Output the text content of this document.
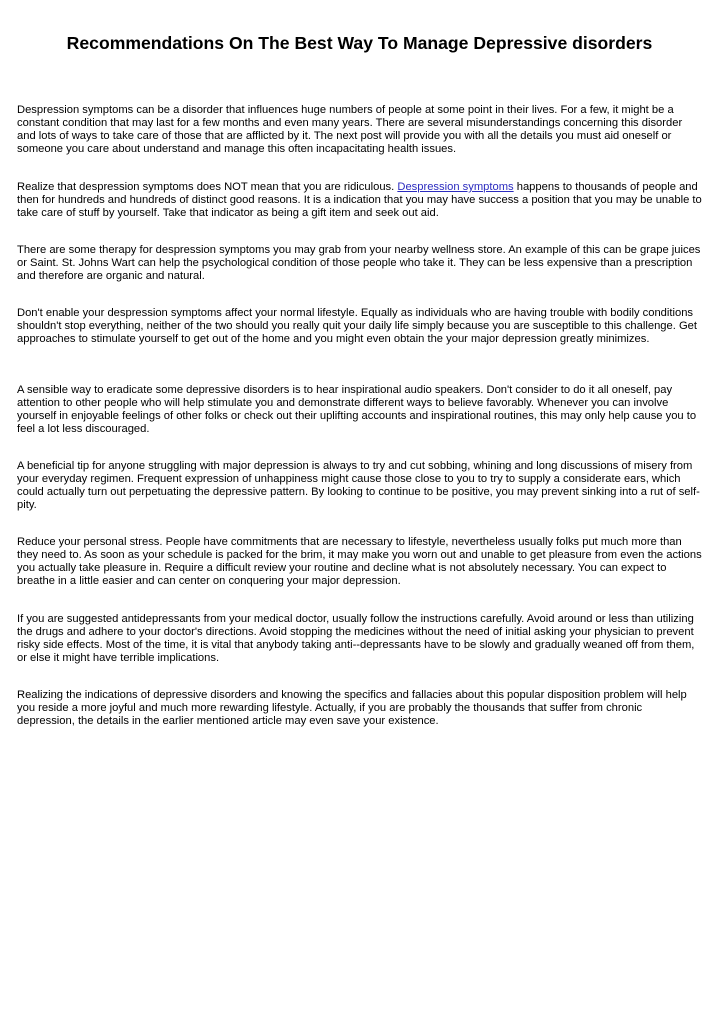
Recommendations On The Best Way To Manage Depressive disorders

Despression symptoms can be a disorder that influences huge numbers of people at some point in their lives. For a few, it might be a constant condition that may last for a few months and even many years. There are several misunderstandings concerning this disorder and lots of ways to take care of those that are afflicted by it. The next post will provide you with all the details you must aid oneself or someone you care about understand and manage this often incapacitating health issues.

Realize that despression symptoms does NOT mean that you are ridiculous. Despression symptoms happens to thousands of people and then for hundreds and hundreds of distinct good reasons. It is a indication that you may have success a position that you may be unable to take care of stuff by yourself. Take that indicator as being a gift item and seek out aid.

There are some therapy for despression symptoms you may grab from your nearby wellness store. An example of this can be grape juices or Saint. St. Johns Wart can help the psychological condition of those people who take it. They can be less expensive than a prescription and therefore are organic and natural.

Don't enable your despression symptoms affect your normal lifestyle. Equally as individuals who are having trouble with bodily conditions shouldn't stop everything, neither of the two should you really quit your daily life simply because you are susceptible to this challenge. Get approaches to stimulate yourself to get out of the home and you might even obtain the your major depression greatly minimizes.

A sensible way to eradicate some depressive disorders is to hear inspirational audio speakers. Don't consider to do it all oneself, pay attention to other people who will help stimulate you and demonstrate different ways to believe favorably. Whenever you can involve yourself in enjoyable feelings of other folks or check out their uplifting accounts and inspirational routines, this may only help cause you to feel a lot less discouraged.

A beneficial tip for anyone struggling with major depression is always to try and cut sobbing, whining and long discussions of misery from your everyday regimen. Frequent expression of unhappiness might cause those close to you to try to supply a considerate ears, which could actually turn out perpetuating the depressive pattern. By looking to continue to be positive, you may prevent sinking into a rut of self-pity.

Reduce your personal stress. People have commitments that are necessary to lifestyle, nevertheless usually folks put much more than they need to. As soon as your schedule is packed for the brim, it may make you worn out and unable to get pleasure from even the actions you actually take pleasure in. Require a difficult review your routine and decline what is not absolutely necessary. You can expect to breathe in a little easier and can center on conquering your major depression.

If you are suggested antidepressants from your medical doctor, usually follow the instructions carefully. Avoid around or less than utilizing the drugs and adhere to your doctor's directions. Avoid stopping the medicines without the need of initial asking your physician to prevent risky side effects. Most of the time, it is vital that anybody taking anti--depressants have to be slowly and gradually weaned off from them, or else it might have terrible implications.

Realizing the indications of depressive disorders and knowing the specifics and fallacies about this popular disposition problem will help you reside a more joyful and much more rewarding lifestyle. Actually, if you are probably the thousands that suffer from chronic depression, the details in the earlier mentioned article may even save your existence.
